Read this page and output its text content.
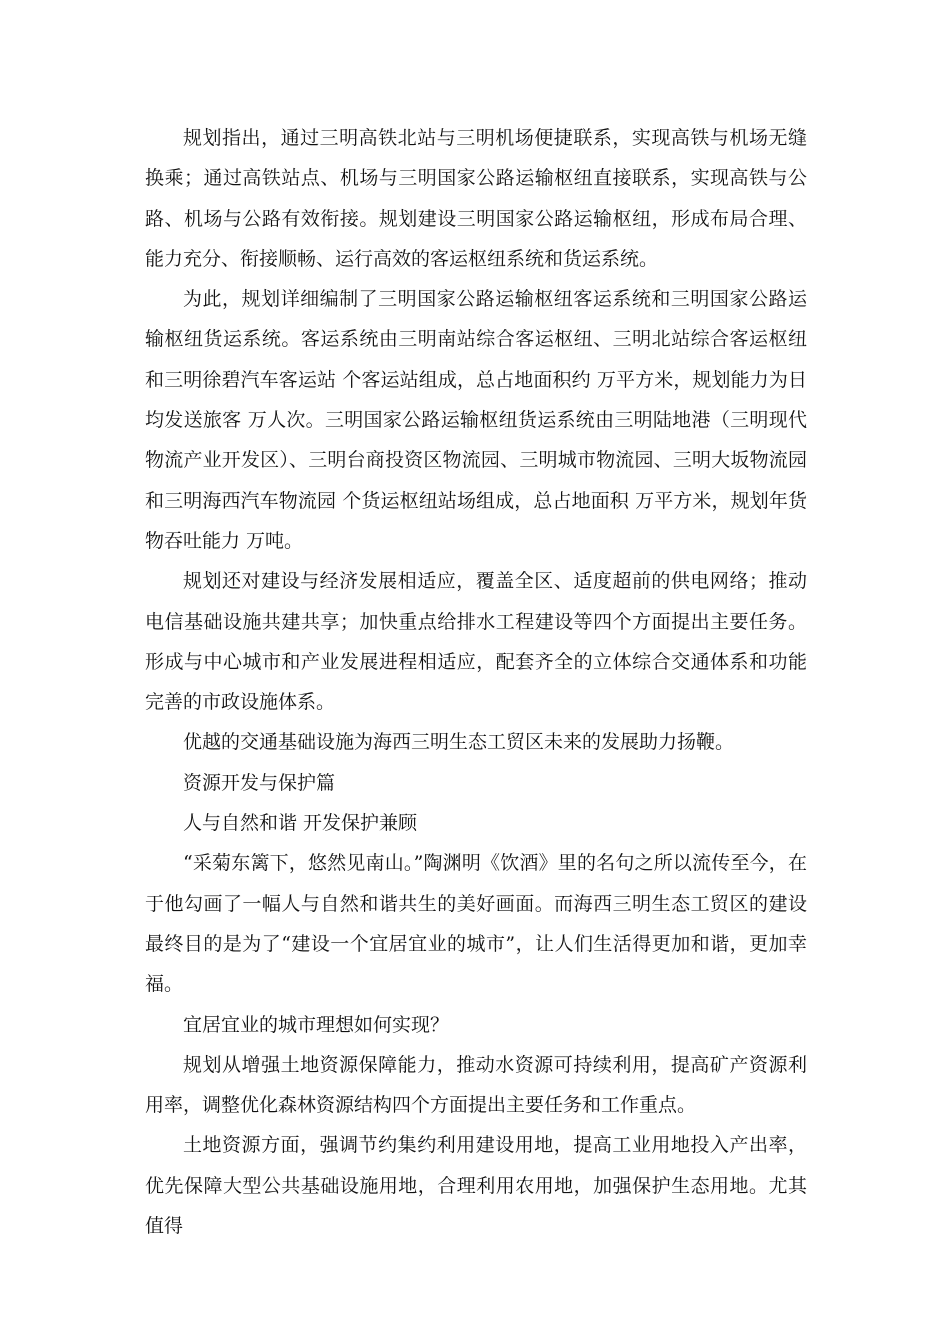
规划指出，通过三明高铁北站与三明机场便捷联系，实现高铁与机场无缝换乘；通过高铁站点、机场与三明国家公路运输枢纽直接联系，实现高铁与公路、机场与公路有效衔接。规划建设三明国家公路运输枢纽，形成布局合理、能力充分、衔接顺畅、运行高效的客运枢纽系统和货运系统。

为此，规划详细编制了三明国家公路运输枢纽客运系统和三明国家公路运输枢纽货运系统。客运系统由三明南站综合客运枢纽、三明北站综合客运枢纽和三明徐碧汽车客运站 个客运站组成，总占地面积约 万平方米，规划能力为日均发送旅客 万人次。三明国家公路运输枢纽货运系统由三明陆地港（三明现代物流产业开发区）、三明台商投资区物流园、三明城市物流园、三明大坂物流园和三明海西汽车物流园 个货运枢纽站场组成，总占地面积 万平方米，规划年货物吞吐能力 万吨。

规划还对建设与经济发展相适应，覆盖全区、适度超前的供电网络；推动电信基础设施共建共享；加快重点给排水工程建设等四个方面提出主要任务。形成与中心城市和产业发展进程相适应，配套齐全的立体综合交通体系和功能完善的市政设施体系。

优越的交通基础设施为海西三明生态工贸区未来的发展助力扬鞭。

资源开发与保护篇

人与自然和谐 开发保护兼顾

“采菊东篱下，悠然见南山。”陶渊明《饮酒》里的名句之所以流传至今，在于他勾画了一幅人与自然和谐共生的美好画面。而海西三明生态工贸区的建设最终目的是为了“建设一个宜居宜业的城市”，让人们生活得更加和谐，更加幸福。

宜居宜业的城市理想如何实现？

规划从增强土地资源保障能力，推动水资源可持续利用，提高矿产资源利用率，调整优化森林资源结构四个方面提出主要任务和工作重点。

土地资源方面，强调节约集约利用建设用地，提高工业用地投入产出率，优先保障大型公共基础设施用地，合理利用农用地，加强保护生态用地。尤其值得
